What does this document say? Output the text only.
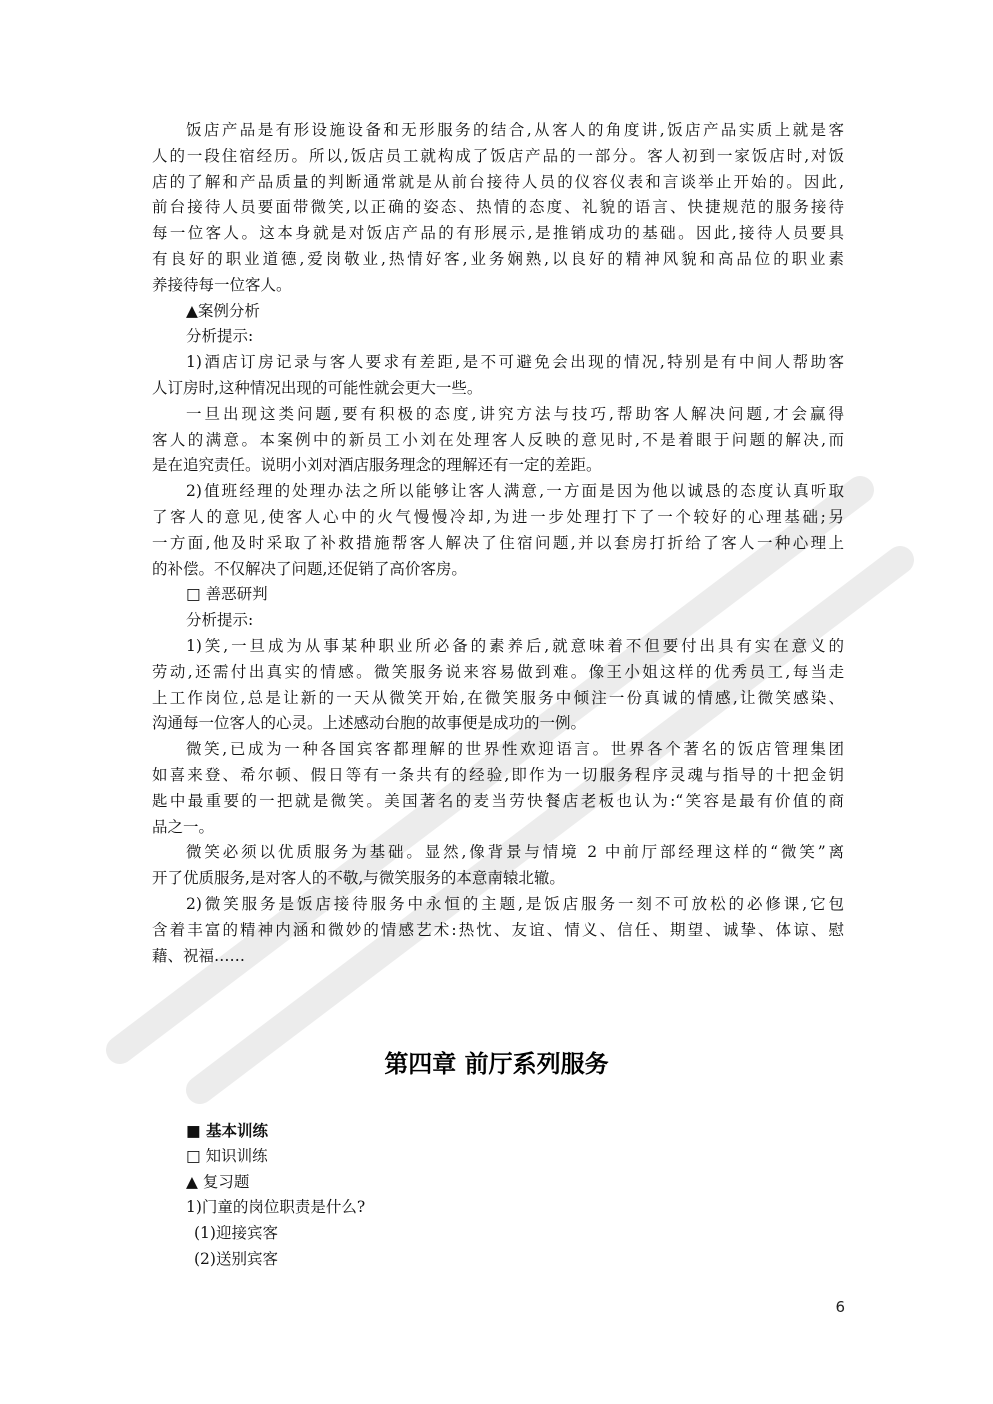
饭店产品是有形设施设备和无形服务的结合,从客人的角度讲,饭店产品实质上就是客
人的一段住宿经历。所以,饭店员工就构成了饭店产品的一部分。客人初到一家饭店时,对饭
店的了解和产品质量的判断通常就是从前台接待人员的仪容仪表和言谈举止开始的。因此,
前台接待人员要面带微笑,以正确的姿态、热情的态度、礼貌的语言、快捷规范的服务接待
每一位客人。这本身就是对饭店产品的有形展示,是推销成功的基础。因此,接待人员要具
有良好的职业道德,爱岗敬业,热情好客,业务娴熟,以良好的精神风貌和高品位的职业素
养接待每一位客人。
▲案例分析
分析提示:
1)酒店订房记录与客人要求有差距,是不可避免会出现的情况,特别是有中间人帮助客
人订房时,这种情况出现的可能性就会更大一些。
一旦出现这类问题,要有积极的态度,讲究方法与技巧,帮助客人解决问题,才会赢得
客人的满意。本案例中的新员工小刘在处理客人反映的意见时,不是着眼于问题的解决,而
是在追究责任。说明小刘对酒店服务理念的理解还有一定的差距。
2)值班经理的处理办法之所以能够让客人满意,一方面是因为他以诚恳的态度认真听取
了客人的意见,使客人心中的火气慢慢冷却,为进一步处理打下了一个较好的心理基础;另
一方面,他及时采取了补救措施帮客人解决了住宿问题,并以套房打折给了客人一种心理上
的补偿。不仅解决了问题,还促销了高价客房。
□ 善恶研判
分析提示:
1)笑,一旦成为从事某种职业所必备的素养后,就意味着不但要付出具有实在意义的
劳动,还需付出真实的情感。微笑服务说来容易做到难。像王小姐这样的优秀员工,每当走
上工作岗位,总是让新的一天从微笑开始,在微笑服务中倾注一份真诚的情感,让微笑感染、
沟通每一位客人的心灵。上述感动台胞的故事便是成功的一例。
微笑,已成为一种各国宾客都理解的世界性欢迎语言。世界各个著名的饭店管理集团
如喜来登、希尔顿、假日等有一条共有的经验,即作为一切服务程序灵魂与指导的十把金钥
匙中最重要的一把就是微笑。美国著名的麦当劳快餐店老板也认为:“笑容是最有价值的商
品之一。
微笑必须以优质服务为基础。显然,像背景与情境 2 中前厅部经理这样的“微笑”离
开了优质服务,是对客人的不敬,与微笑服务的本意南辕北辙。
2)微笑服务是饭店接待服务中永恒的主题,是饭店服务一刻不可放松的必修课,它包
含着丰富的精神内涵和微妙的情感艺术:热忱、友谊、情义、信任、期望、诚挚、体谅、慰
藉、祝福……
第四章 前厅系列服务
■ 基本训练
□ 知识训练
▲ 复习题
1)门童的岗位职责是什么?
(1)迎接宾客
(2)送别宾客
6
